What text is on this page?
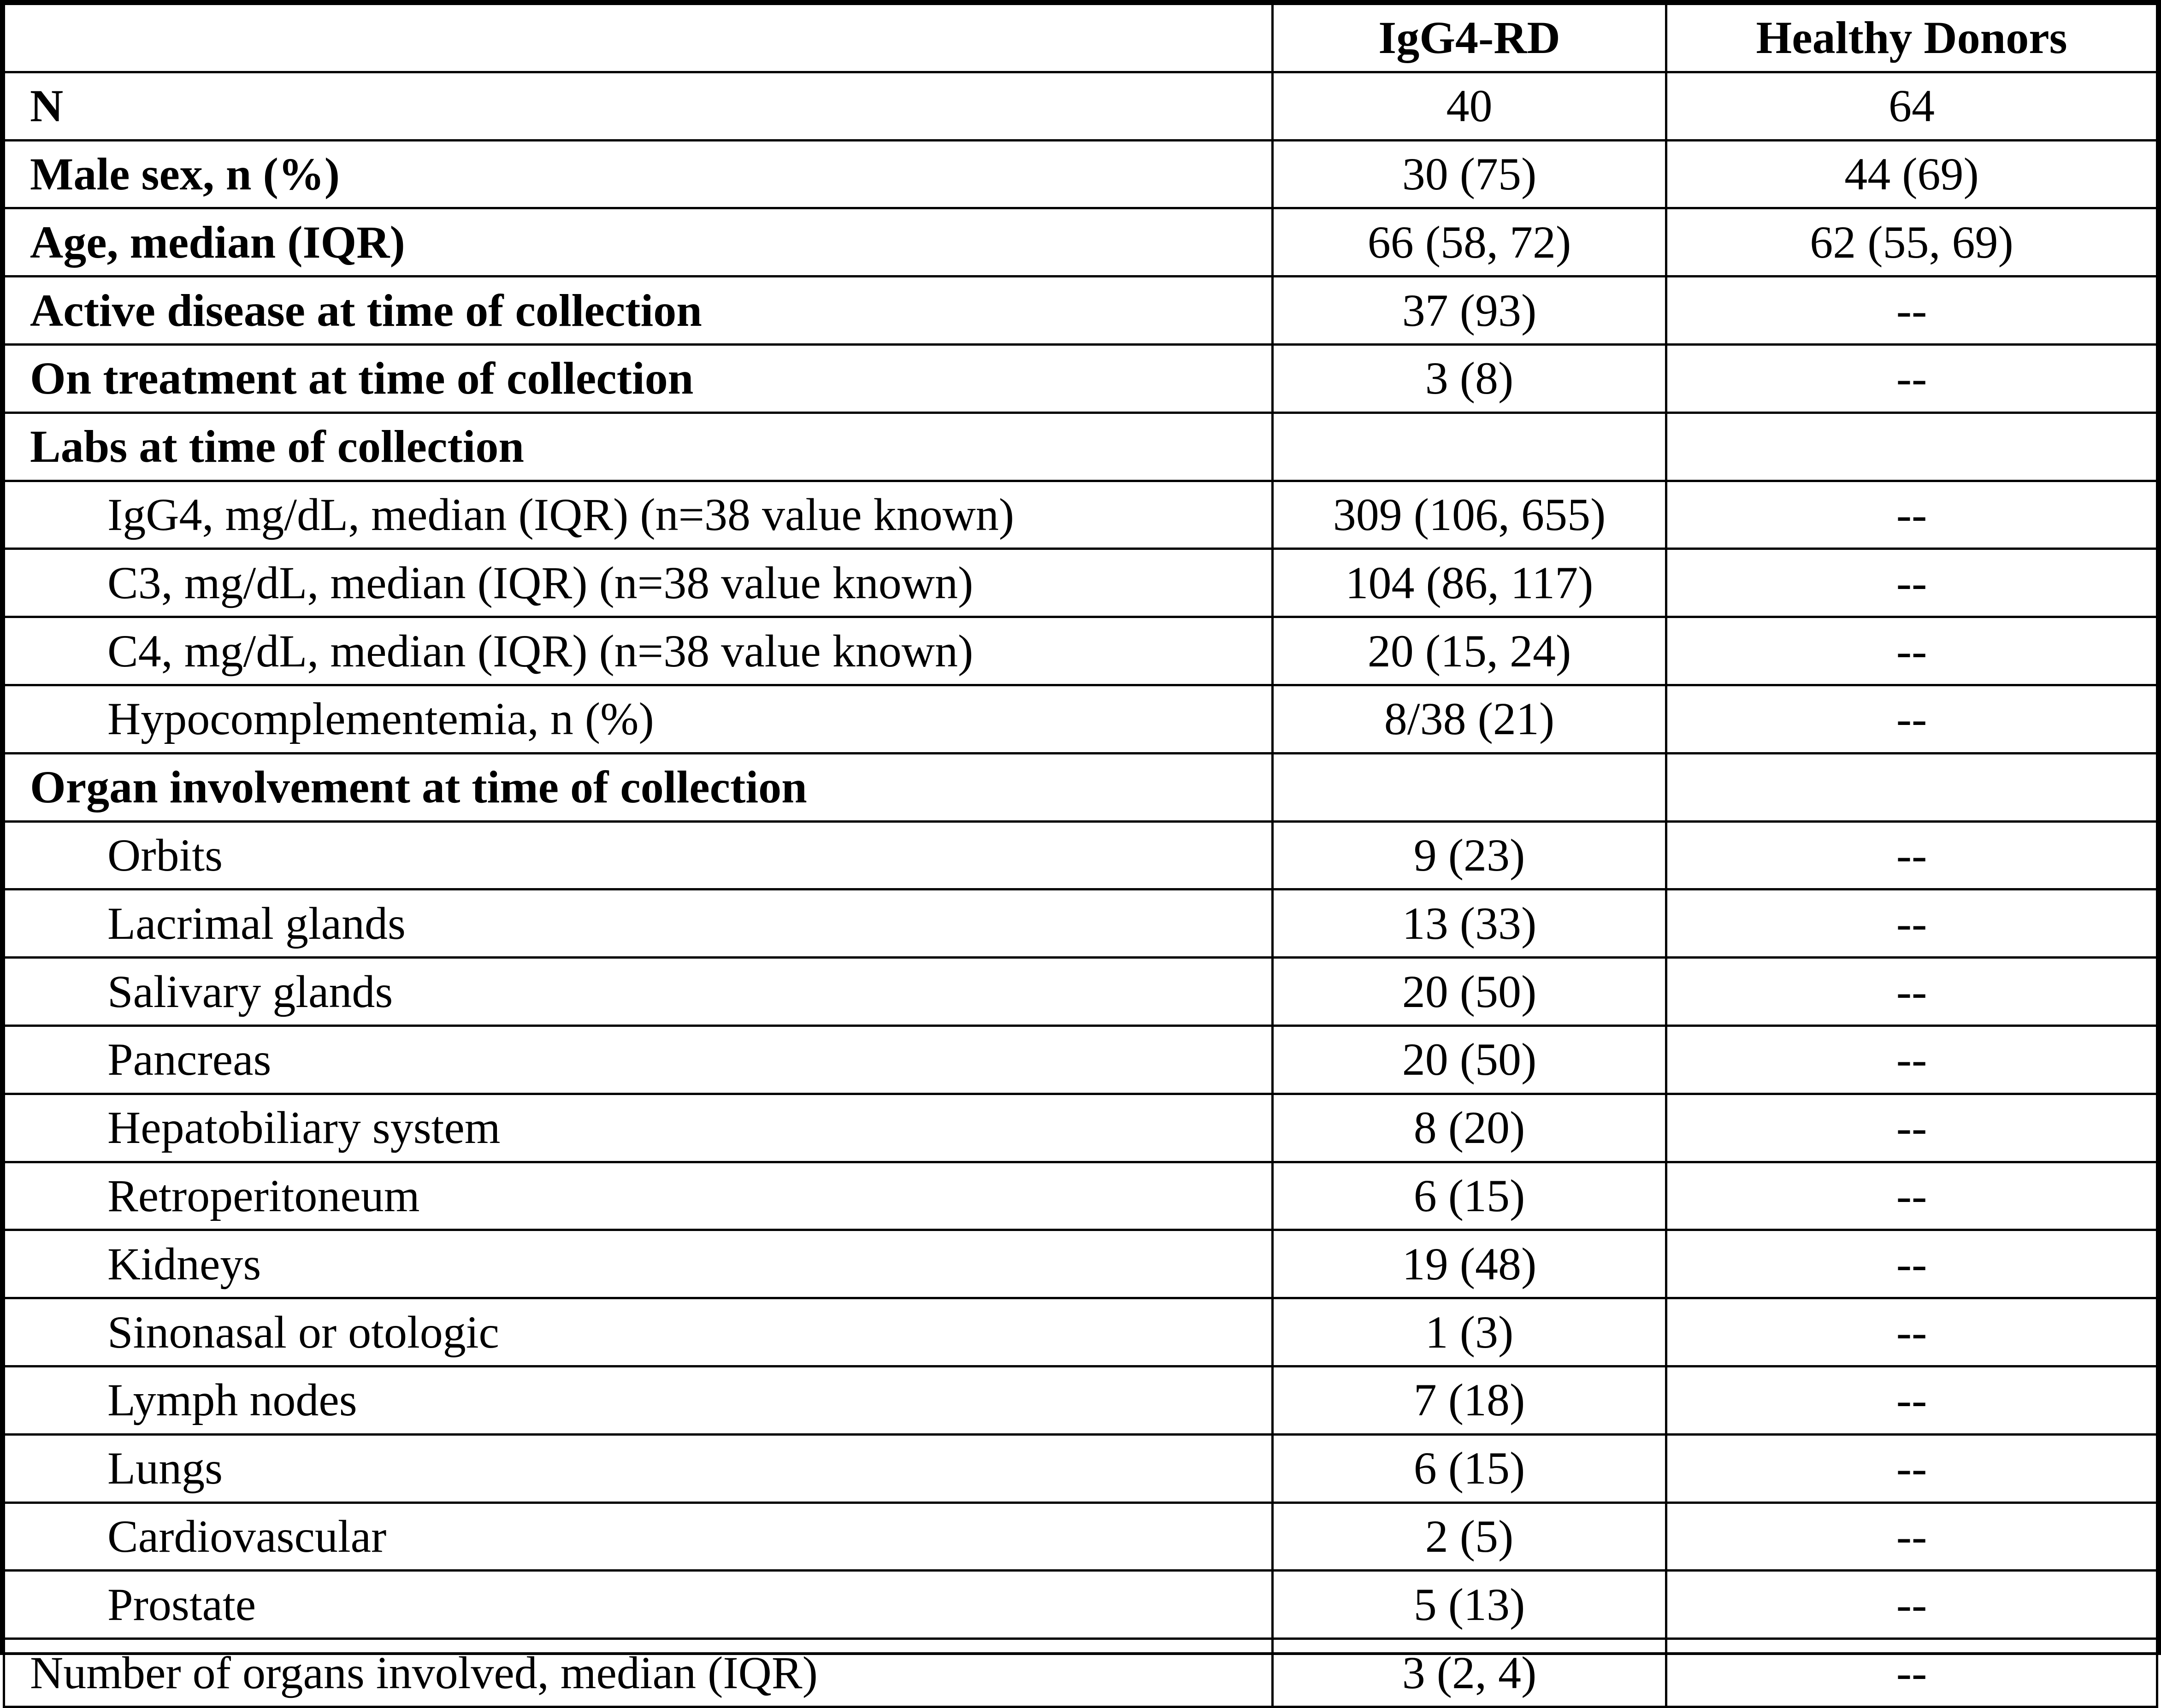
	IgG4-RD	Healthy Donors
N	40	64
Male sex, n (%)	30 (75)	44 (69)
Age, median (IQR)	66 (58, 72)	62 (55, 69)
Active disease at time of collection	37 (93)	--
On treatment at time of collection	3 (8)	--
Labs at time of collection		
IgG4, mg/dL, median (IQR) (n=38 value known)	309 (106, 655)	--
C3, mg/dL, median (IQR) (n=38 value known)	104 (86, 117)	--
C4, mg/dL, median (IQR) (n=38 value known)	20 (15, 24)	--
Hypocomplementemia, n (%)	8/38 (21)	--
Organ involvement at time of collection		
Orbits	9 (23)	--
Lacrimal glands	13 (33)	--
Salivary glands	20 (50)	--
Pancreas	20 (50)	--
Hepatobiliary system	8 (20)	--
Retroperitoneum	6 (15)	--
Kidneys	19 (48)	--
Sinonasal or otologic	1 (3)	--
Lymph nodes	7 (18)	--
Lungs	6 (15)	--
Cardiovascular	2 (5)	--
Prostate	5 (13)	--
Number of organs involved, median (IQR)	3 (2, 4)	--
